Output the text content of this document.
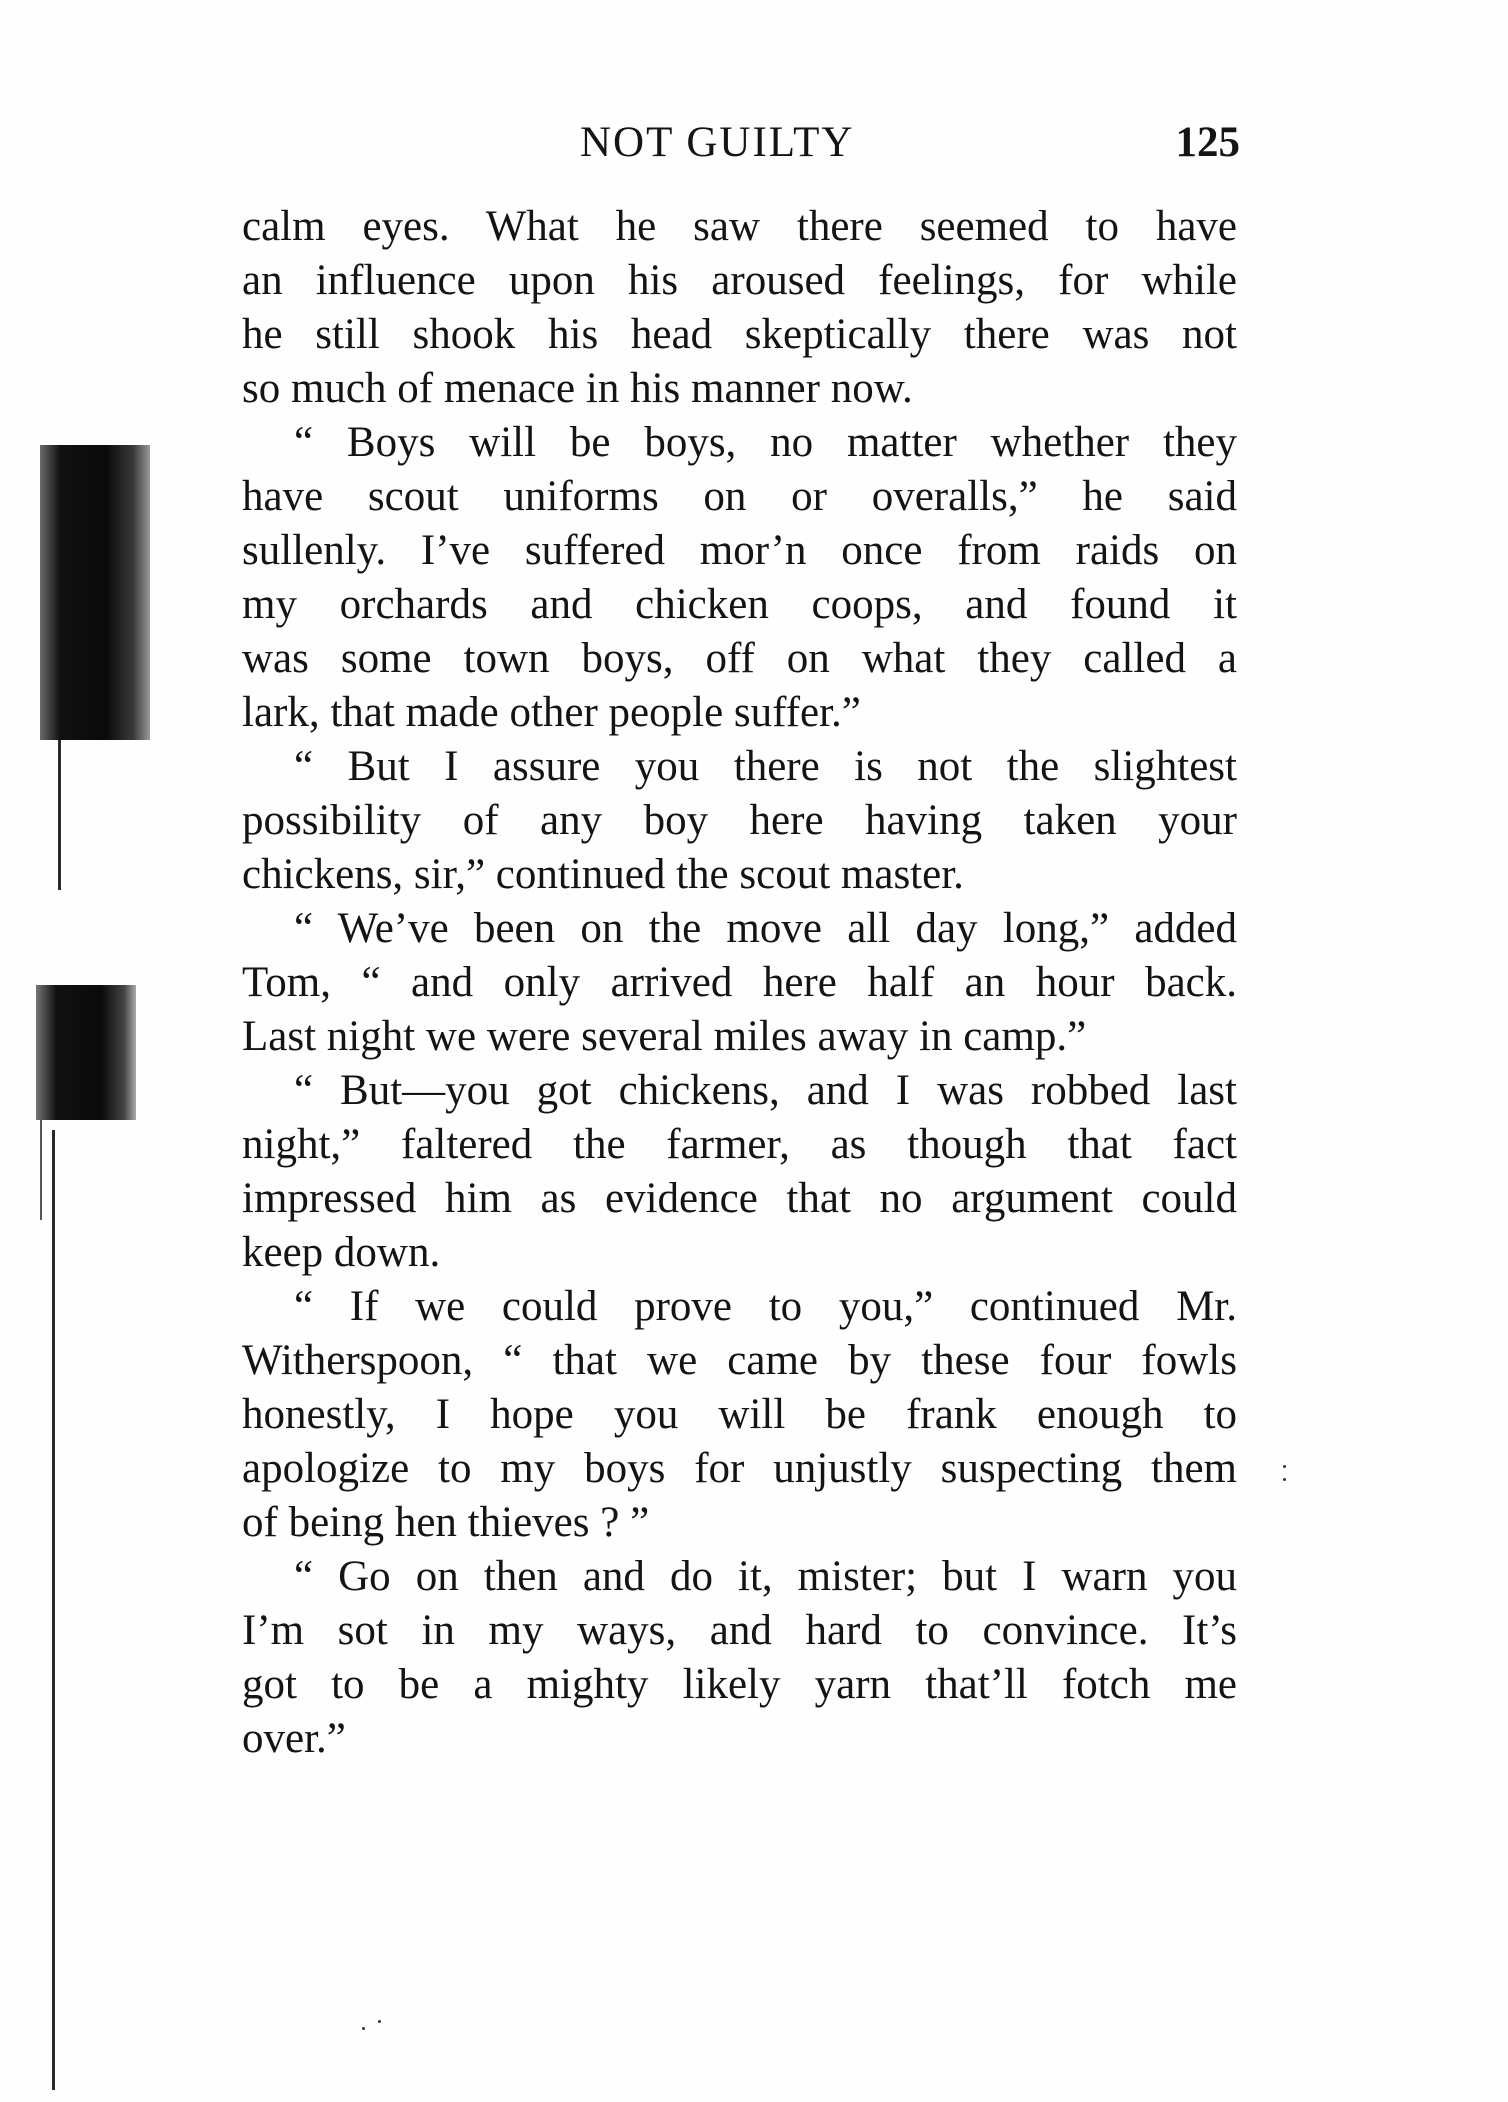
NOT GUILTY	125
calm eyes. What he saw there seemed to have
an influence upon his aroused feelings, for while
he still shook his head skeptically there was not
so much of menace in his manner now.
“ Boys will be boys, no matter whether they
have scout uniforms on or overalls,” he said
sullenly. I’ve suffered mor’n once from raids on
my orchards and chicken coops, and found it
was some town boys, off on what they called a
lark, that made other people suffer.”
“ But I assure you there is not the slightest
possibility of any boy here having taken your
chickens, sir,” continued the scout master.
“ We’ve been on the move all day long,” added
Tom, “ and only arrived here half an hour back.
Last night we were several miles away in camp.”
“ But—you got chickens, and I was robbed last
night,” faltered the farmer, as though that fact
impressed him as evidence that no argument could
keep down.
“ If we could prove to you,” continued Mr.
Witherspoon, “ that we came by these four fowls
honestly, I hope you will be frank enough to
apologize to my boys for unjustly suspecting them
of being hen thieves ? ”
“ Go on then and do it, mister; but I warn you
I’m sot in my ways, and hard to convince. It’s
got to be a mighty likely yarn that’ll fotch me
over.”
